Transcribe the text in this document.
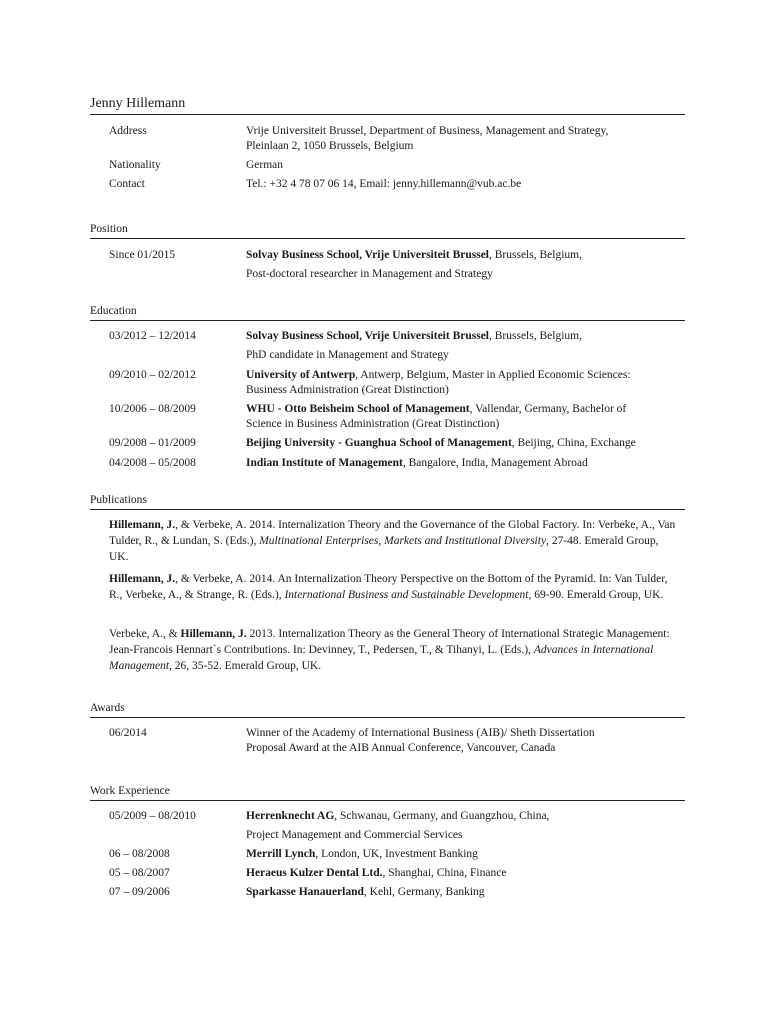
Jenny Hillemann
Address	Vrije Universiteit Brussel, Department of Business, Management and Strategy,
Pleinlaan 2, 1050 Brussels, Belgium
Nationality	German
Contact	Tel.: +32 4 78 07 06 14, Email: jenny.hillemann@vub.ac.be
Position
Since 01/2015	Solvay Business School, Vrije Universiteit Brussel, Brussels, Belgium,
Post-doctoral researcher in Management and Strategy
Education
03/2012 – 12/2014	Solvay Business School, Vrije Universiteit Brussel, Brussels, Belgium,
PhD candidate in Management and Strategy
09/2010 – 02/2012	University of Antwerp, Antwerp, Belgium, Master in Applied Economic Sciences:
Business Administration (Great Distinction)
10/2006 – 08/2009	WHU - Otto Beisheim School of Management, Vallendar, Germany, Bachelor of
Science in Business Administration (Great Distinction)
09/2008 – 01/2009	Beijing University - Guanghua School of Management, Beijing, China, Exchange
04/2008 – 05/2008	Indian Institute of Management, Bangalore, India, Management Abroad
Publications
Hillemann, J., & Verbeke, A. 2014. Internalization Theory and the Governance of the Global Factory. In: Verbeke, A., Van Tulder, R., & Lundan, S. (Eds.), Multinational Enterprises, Markets and Institutional Diversity, 27-48. Emerald Group, UK.
Hillemann, J., & Verbeke, A. 2014. An Internalization Theory Perspective on the Bottom of the Pyramid. In: Van Tulder, R., Verbeke, A., & Strange, R. (Eds.), International Business and Sustainable Development, 69-90. Emerald Group, UK.
Verbeke, A., & Hillemann, J. 2013. Internalization Theory as the General Theory of International Strategic Management: Jean-Francois Hennart`s Contributions. In: Devinney, T., Pedersen, T., & Tihanyi, L. (Eds.), Advances in International Management, 26, 35-52. Emerald Group, UK.
Awards
06/2014	Winner of the Academy of International Business (AIB)/ Sheth Dissertation
Proposal Award at the AIB Annual Conference, Vancouver, Canada
Work Experience
05/2009 – 08/2010	Herrenknecht AG, Schwanau, Germany, and Guangzhou, China,
Project Management and Commercial Services
06 – 08/2008	Merrill Lynch, London, UK, Investment Banking
05 – 08/2007	Heraeus Kulzer Dental Ltd., Shanghai, China, Finance
07 – 09/2006	Sparkasse Hanauerland, Kehl, Germany, Banking
